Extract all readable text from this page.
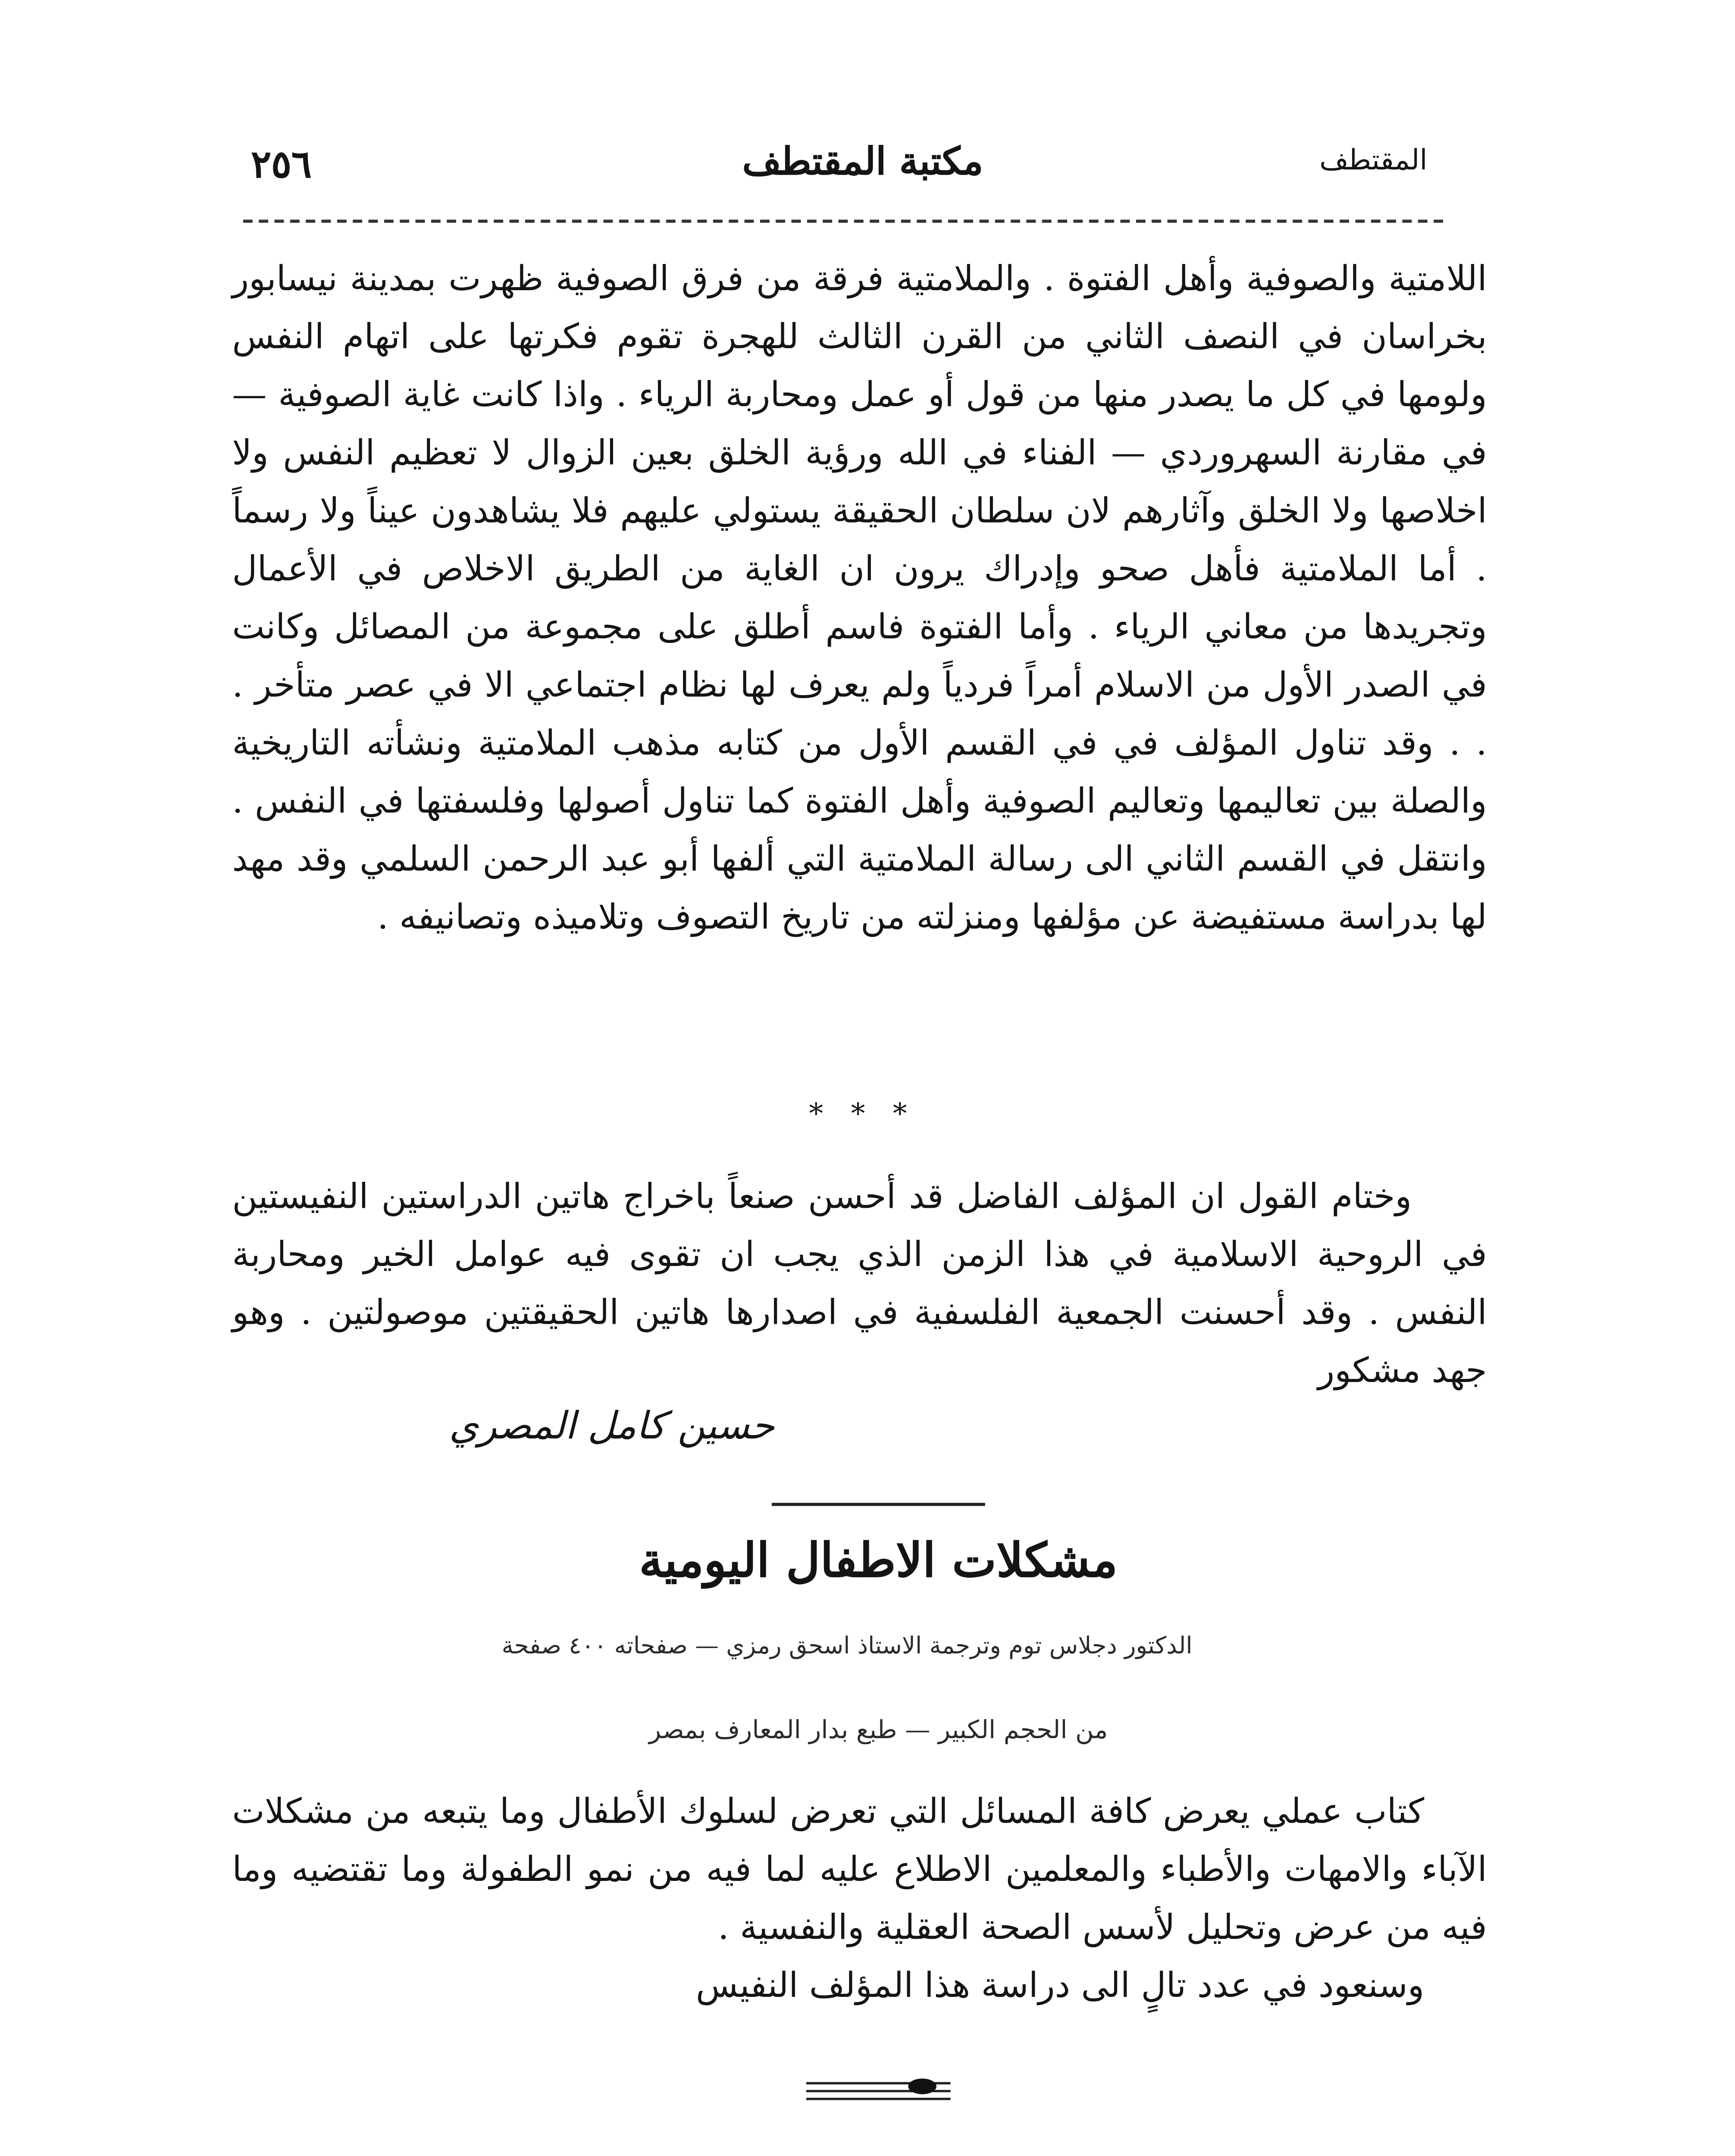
٢٥٦	مكتبة المقتطف	المقتطف

اللامتية والصوفية وأهل الفتوة . والملامتية فرقة من فرق الصوفية ظهرت بمدينة نيسابور بخراسان في النصف الثاني من القرن الثالث للهجرة تقوم فكرتها على اتهام النفس ولومها في كل ما يصدر منها من قول أو عمل ومحاربة الرياء . واذا كانت غاية الصوفية — في مقارنة السهروردي — الفناء في الله ورؤية الخلق بعين الزوال لا تعظيم النفس ولا اخلاصها ولا الخلق وآثارهم لان سلطان الحقيقة يستولي عليهم فلا يشاهدون عيناً ولا رسماً . أما الملامتية فأهل صحو وإدراك يرون ان الغاية من الطريق الاخلاص في الأعمال وتجريدها من معاني الرياء . وأما الفتوة فاسم أطلق على مجموعة من المصائل وكانت في الصدر الأول من الاسلام أمراً فردياً ولم يعرف لها نظام اجتماعي الا في عصر متأخر . . . وقد تناول المؤلف في في القسم الأول من كتابه مذهب الملامتية ونشأته التاريخية والصلة بين تعاليمها وتعاليم الصوفية وأهل الفتوة كما تناول أصولها وفلسفتها في النفس . وانتقل في القسم الثاني الى رسالة الملامتية التي ألفها أبو عبد الرحمن السلمي وقد مهد لها بدراسة مستفيضة عن مؤلفها ومنزلته من تاريخ التصوف وتلاميذه وتصانيفه .

* * *

وختام القول ان المؤلف الفاضل قد أحسن صنعاً باخراج هاتين الدراستين النفيستين في الروحية الاسلامية في هذا الزمن الذي يجب ان تقوى فيه عوامل الخير ومحاربة النفس . وقد أحسنت الجمعية الفلسفية في اصدارها هاتين الحقيقتين موصولتين . وهو جهد مشكور

حسين كامل المصري
مشكلات الاطفال اليومية
الدكتور دجلاس توم وترجمة الاستاذ اسحق رمزي — صفحاته ٤٠٠ صفحة
من الحجم الكبير — طبع بدار المعارف بمصر

كتاب عملي يعرض كافة المسائل التي تعرض لسلوك الأطفال وما يتبعه من مشكلات الآباء والامهات والأطباء والمعلمين الاطلاع عليه لما فيه من نمو الطفولة وما تقتضيه وما فيه من عرض وتحليل لأسس الصحة العقلية والنفسية .

وسنعود في عدد تالٍ الى دراسة هذا المؤلف النفيس
